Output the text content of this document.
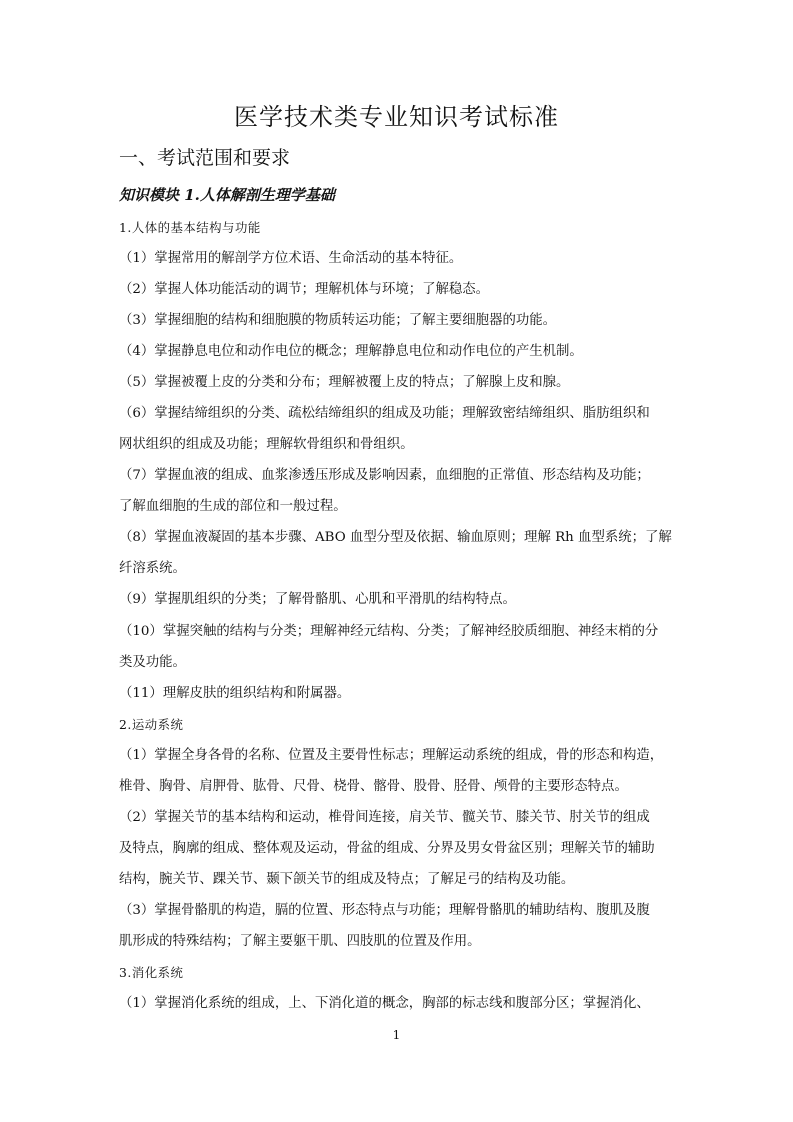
医学技术类专业知识考试标准
一、考试范围和要求
知识模块 1.人体解剖生理学基础
1.人体的基本结构与功能
（1）掌握常用的解剖学方位术语、生命活动的基本特征。
（2）掌握人体功能活动的调节；理解机体与环境；了解稳态。
（3）掌握细胞的结构和细胞膜的物质转运功能；了解主要细胞器的功能。
（4）掌握静息电位和动作电位的概念；理解静息电位和动作电位的产生机制。
（5）掌握被覆上皮的分类和分布；理解被覆上皮的特点；了解腺上皮和腺。
（6）掌握结缔组织的分类、疏松结缔组织的组成及功能；理解致密结缔组织、脂肪组织和
网状组织的组成及功能；理解软骨组织和骨组织。
（7）掌握血液的组成、血浆渗透压形成及影响因素，血细胞的正常值、形态结构及功能；
了解血细胞的生成的部位和一般过程。
（8）掌握血液凝固的基本步骤、ABO 血型分型及依据、输血原则；理解 Rh 血型系统；了解
纤溶系统。
（9）掌握肌组织的分类；了解骨骼肌、心肌和平滑肌的结构特点。
（10）掌握突触的结构与分类；理解神经元结构、分类；了解神经胶质细胞、神经末梢的分
类及功能。
（11）理解皮肤的组织结构和附属器。
2.运动系统
（1）掌握全身各骨的名称、位置及主要骨性标志；理解运动系统的组成，骨的形态和构造，
椎骨、胸骨、肩胛骨、肱骨、尺骨、桡骨、髂骨、股骨、胫骨、颅骨的主要形态特点。
（2）掌握关节的基本结构和运动，椎骨间连接，肩关节、髋关节、膝关节、肘关节的组成
及特点，胸廓的组成、整体观及运动，骨盆的组成、分界及男女骨盆区别；理解关节的辅助
结构，腕关节、踝关节、颞下颌关节的组成及特点；了解足弓的结构及功能。
（3）掌握骨骼肌的构造，膈的位置、形态特点与功能；理解骨骼肌的辅助结构、腹肌及腹
肌形成的特殊结构；了解主要躯干肌、四肢肌的位置及作用。
3.消化系统
（1）掌握消化系统的组成，上、下消化道的概念，胸部的标志线和腹部分区；掌握消化、
1
